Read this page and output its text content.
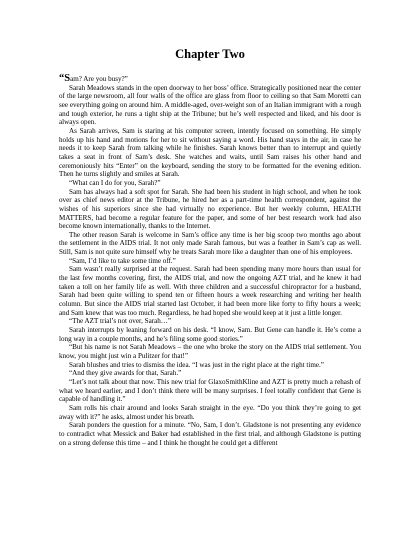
Chapter Two

“Sam? Are you busy?”

Sarah Meadows stands in the open doorway to her boss’ office. Strategically positioned near the center of the large newsroom, all four walls of the office are glass from floor to ceiling so that Sam Moretti can see everything going on around him. A middle-aged, over-weight son of an Italian immigrant with a rough and tough exterior, he runs a tight ship at the Tribune; but he’s well respected and liked, and his door is always open.

As Sarah arrives, Sam is staring at his computer screen, intently focused on something. He simply holds up his hand and motions for her to sit without saying a word. His hand stays in the air, in case he needs it to keep Sarah from talking while he finishes. Sarah knows better than to interrupt and quietly takes a seat in front of Sam’s desk. She watches and waits, until Sam raises his other hand and ceremoniously hits “Enter” on the keyboard, sending the story to be formatted for the evening edition. Then he turns slightly and smiles at Sarah.

“What can I do for you, Sarah?”

Sam has always had a soft spot for Sarah. She had been his student in high school, and when he took over as chief news editor at the Tribune, he hired her as a part-time health correspondent, against the wishes of his superiors since she had virtually no experience. But her weekly column, HEALTH MATTERS, had become a regular feature for the paper, and some of her best research work had also become known internationally, thanks to the Internet.

The other reason Sarah is welcome in Sam’s office any time is her big scoop two months ago about the settlement in the AIDS trial. It not only made Sarah famous, but was a feather in Sam’s cap as well. Still, Sam is not quite sure himself why he treats Sarah more like a daughter than one of his employees.

“Sam, I’d like to take some time off.”

Sam wasn’t really surprised at the request. Sarah had been spending many more hours than usual for the last few months covering, first, the AIDS trial, and now the ongoing AZT trial, and he knew it had taken a toll on her family life as well. With three children and a successful chiropractor for a husband, Sarah had been quite willing to spend ten or fifteen hours a week researching and writing her health column. But since the AIDS trial started last October, it had been more like forty to fifty hours a week; and Sam knew that was too much. Regardless, he had hoped she would keep at it just a little longer.

“The AZT trial’s not over, Sarah…”

Sarah interrupts by leaning forward on his desk. “I know, Sam. But Gene can handle it. He’s come a long way in a couple months, and he’s filing some good stories.”

“But his name is not Sarah Meadows – the one who broke the story on the AIDS trial settlement. You know, you might just win a Pulitzer for that!”

Sarah blushes and tries to dismiss the idea. “I was just in the right place at the right time.”

“And they give awards for that, Sarah.”

“Let’s not talk about that now. This new trial for GlaxoSmithKline and AZT is pretty much a rehash of what we heard earlier, and I don’t think there will be many surprises. I feel totally confident that Gene is capable of handling it.”

Sam rolls his chair around and looks Sarah straight in the eye. “Do you think they’re going to get away with it?” he asks, almost under his breath.

Sarah ponders the question for a minute. “No, Sam, I don’t. Gladstone is not presenting any evidence to contradict what Messick and Baker had established in the first trial, and although Gladstone is putting on a strong defense this time – and I think he thought he could get a different
